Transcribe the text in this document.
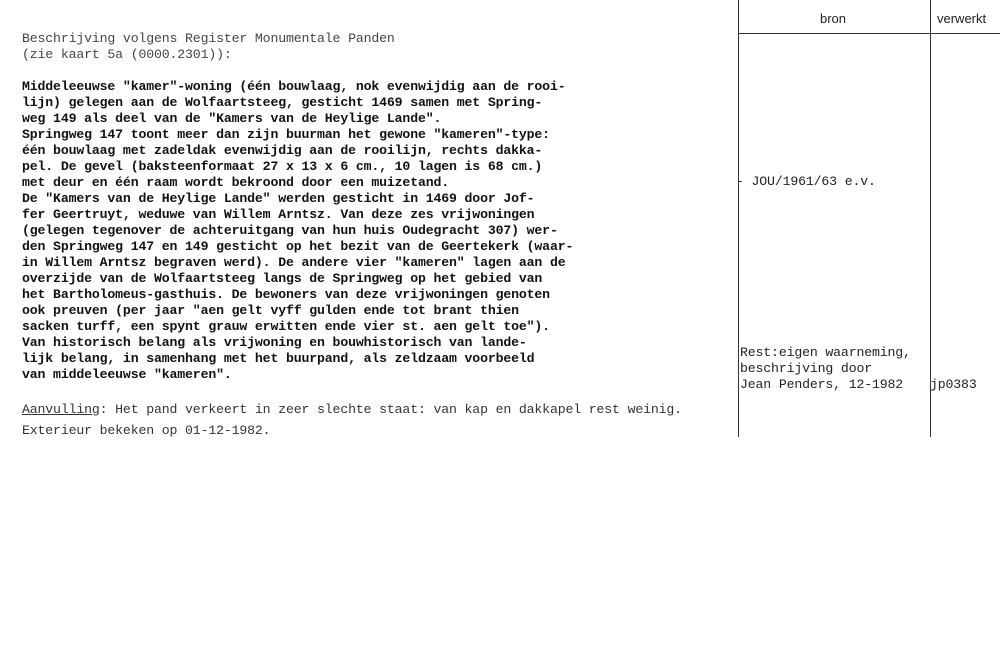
bron	verwerkt
Beschrijving volgens Register Monumentale Panden
(zie kaart 5a (0000.2301)):
Middeleeuwse "kamer"-woning (één bouwlaag, nok evenwijdig aan de rooi-
lijn) gelegen aan de Wolfaartsteeg, gesticht 1469 samen met Spring-
weg 149 als deel van de "Kamers van de Heylige Lande".
Springweg 147 toont meer dan zijn buurman het gewone "kameren"-type:
één bouwlaag met zadeldak evenwijdig aan de rooilijn, rechts dakka-
pel. De gevel (baksteenformaat 27 x 13 x 6 cm., 10 lagen is 68 cm.)
met deur en één raam wordt bekroond door een muizetand.
De "Kamers van de Heylige Lande" werden gesticht in 1469 door Jof-
fer Geertruyt, weduwe van Willem Arntsz. Van deze zes vrijwoningen
(gelegen tegenover de achteruitgang van hun huis Oudegracht 307) wer-
den Springweg 147 en 149 gesticht op het bezit van de Geertekerk (waar-
in Willem Arntsz begraven werd). De andere vier "kameren" lagen aan de
overzijde van de Wolfaartsteeg langs de Springweg op het gebied van
het Bartholomeus-gasthuis. De bewoners van deze vrijwoningen genoten
ook preuven (per jaar "aen gelt vyff gulden ende tot brant thien
sacken turff, een spynt grauw erwitten ende vier st. aen gelt toe").
Van historisch belang als vrijwoning en bouwhistorisch van lande-
lijk belang, in samenhang met het buurpand, als zeldzaam voorbeeld
van middeleeuwse "kameren".
Aanvulling: Het pand verkeert in zeer slechte staat: van kap en dakkapel rest weinig.
Exterieur bekeken op 01-12-1982.
- JOU/1961/63 e.v.
Rest:eigen waarneming,
beschrijving door
Jean Penders, 12-1982 jp0383
